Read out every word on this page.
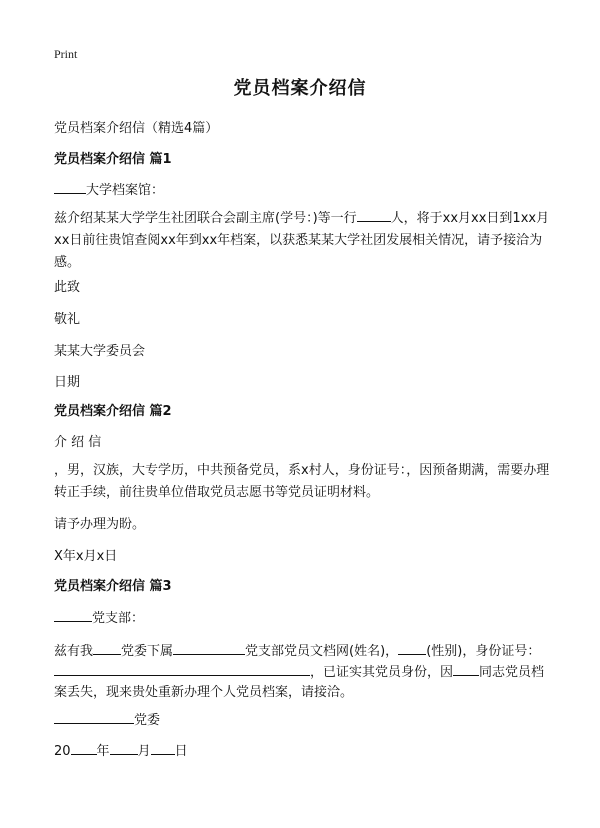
Print
党员档案介绍信
党员档案介绍信（精选4篇）
党员档案介绍信 篇1
大学档案馆：
兹介绍某某大学学生社团联合会副主席(学号：)等一行	人，将于xx月xx日到1xx月xx日前往贵馆查阅xx年到xx年档案，以获悉某某大学社团发展相关情况，请予接洽为感。
此致
敬礼
某某大学委员会
日期
党员档案介绍信 篇2
介 绍 信
，男，汉族，大专学历，中共预备党员，系x村人，身份证号：，因预备期满，需要办理转正手续，前往贵单位借取党员志愿书等党员证明材料。
请予办理为盼。
X年x月x日
党员档案介绍信 篇3
党支部：
兹有我 党委下属	党支部党员文档网(姓名)， (性别)，身份证号：
，已证实其党员身份，因 同志党员档
案丢失，现来贵处重新办理个人党员档案，请接洽。
党委
20 年 月 日
